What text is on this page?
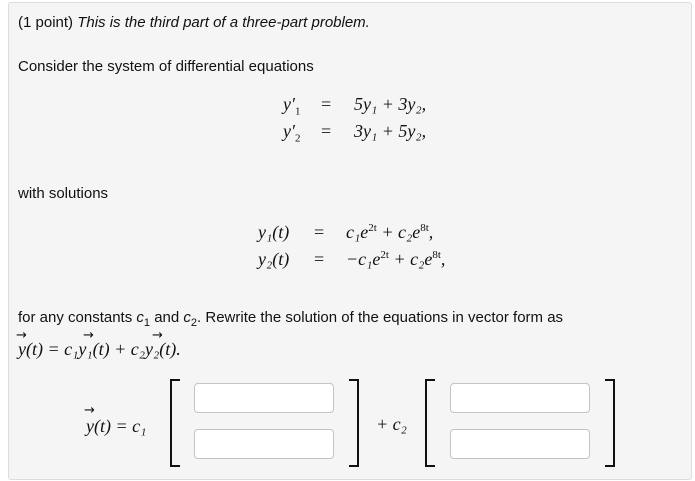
(1 point) This is the third part of a three-part problem.
Consider the system of differential equations
$y'_1 = 5y_1 + 3y_2$,
$y'_2 = 3y_1 + 5y_2$,
with solutions
$y_1(t) = c_1e^{2t} + c_2e^{8t}$,
$y_2(t) = -c_1e^{2t} + c_2e^{8t}$,
for any constants $c_1$ and $c_2$. Rewrite the solution of the equations in vector form as
→	→	→
y(t) = c₁y₁(t) + c₂y₂(t).
→
y(t) = c₁	+ c₂
